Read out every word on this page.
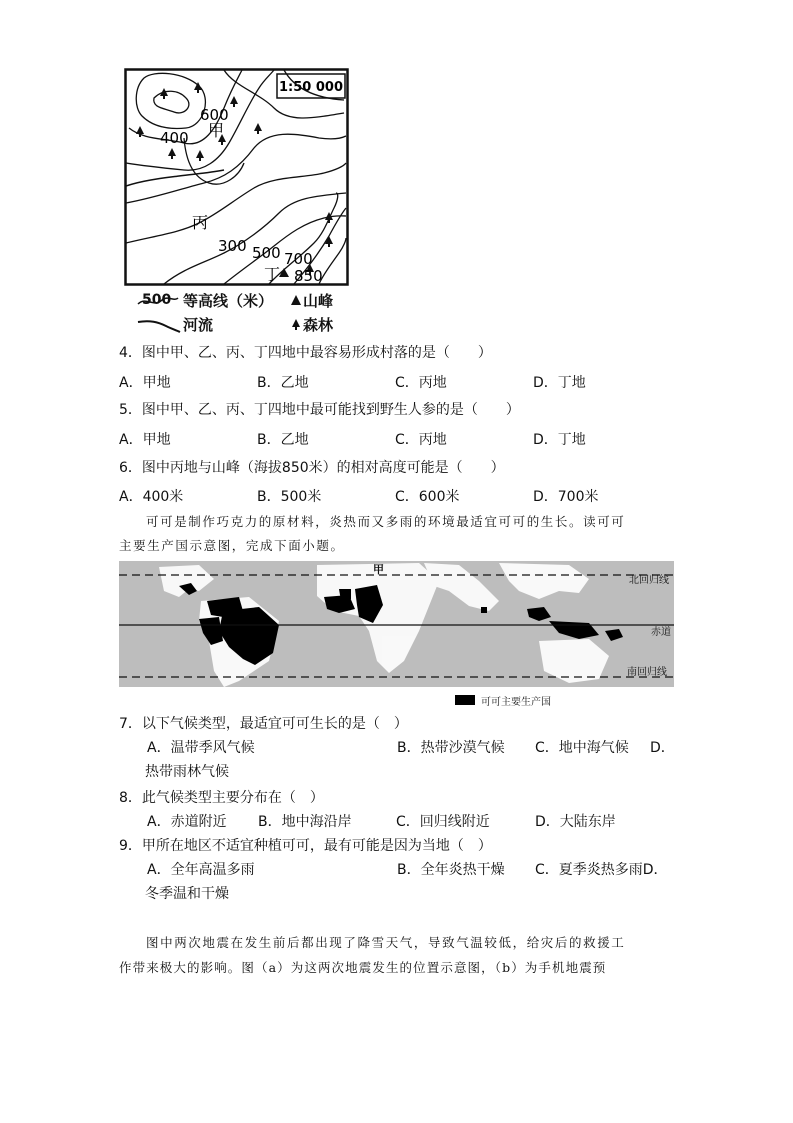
1:50 000
600
甲
400
丙
300 500 700
丁 850
500 等高线（米） 山峰
河流	森林
4．图中甲、乙、丙、丁四地中最容易形成村落的是（　　）
A．甲地	B．乙地	C．丙地	D．丁地
5．图中甲、乙、丙、丁四地中最可能找到野生人参的是（　　）
A．甲地	B．乙地	C．丙地	D．丁地
6．图中丙地与山峰（海拔850米）的相对高度可能是（　　）
A．400米	B．500米	C．600米	D．700米
可可是制作巧克力的原材料，炎热而又多雨的环境最适宜可可的生长。读可可
主要生产国示意图，完成下面小题。
甲
北回归线
赤道
南回归线
可可主要生产国
7．以下气候类型，最适宜可可生长的是（　）
A．温带季风气候	B．热带沙漠气候 C．地中海气候 D．
热带雨林气候
8．此气候类型主要分布在（　）
A．赤道附近 B．地中海沿岸	C．回归线附近	D．大陆东岸
9．甲所在地区不适宜种植可可，最有可能是因为当地（　）
A．全年高温多雨	B．全年炎热干燥 C．夏季炎热多雨D．
冬季温和干燥
图中两次地震在发生前后都出现了降雪天气，导致气温较低，给灾后的救援工
作带来极大的影响。图（a）为这两次地震发生的位置示意图，（b）为手机地震预
